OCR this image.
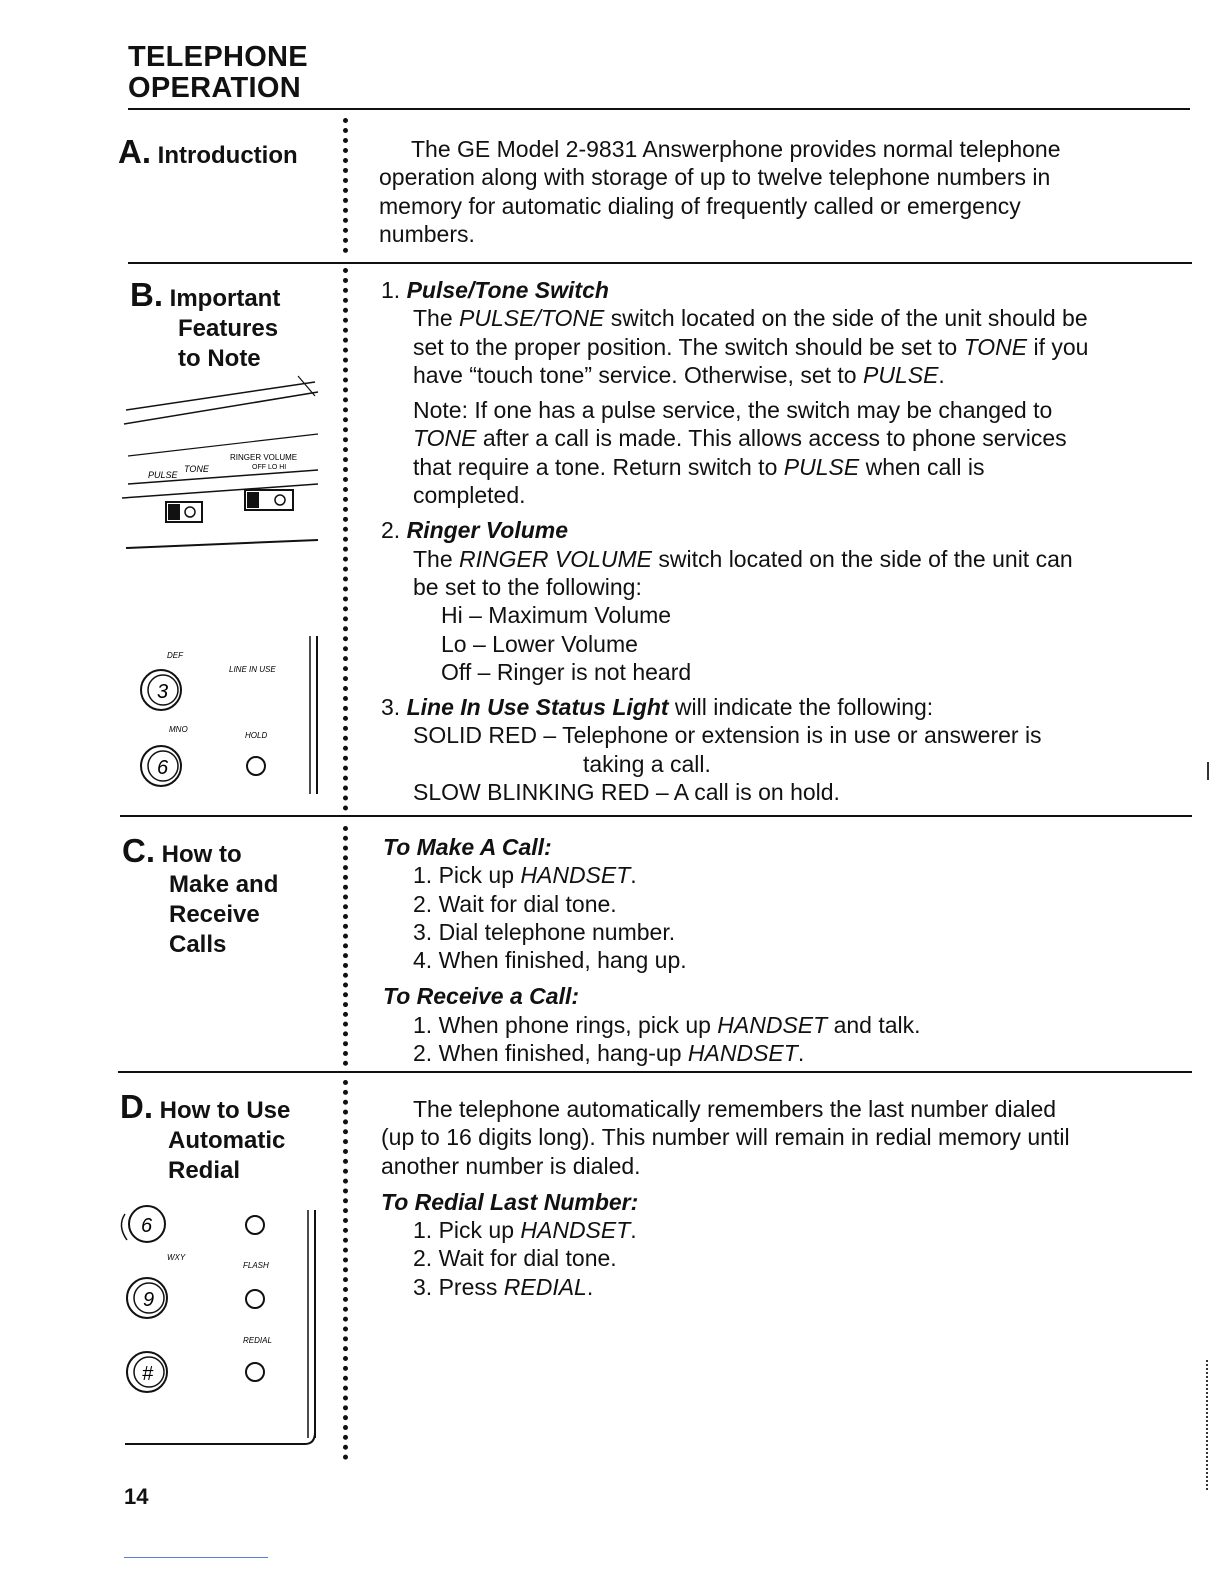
TELEPHONE
OPERATION
A. Introduction	The GE Model 2-9831 Answerphone provides normal telephone
operation along with storage of up to twelve telephone numbers in
memory for automatic dialing of frequently called or emergency
numbers.
B. Important
Features
to Note
PULSE
TONE
RINGER VOLUME
OFF LO HI
DEF
3
LINE IN USE
MNO
HOLD
6
1. Pulse/Tone Switch
The PULSE/TONE switch located on the side of the unit should be
set to the proper position. The switch should be set to TONE if you
have “touch tone” service. Otherwise, set to PULSE.
Note: If one has a pulse service, the switch may be changed to
TONE after a call is made. This allows access to phone services
that require a tone. Return switch to PULSE when call is
completed.
2. Ringer Volume
The RINGER VOLUME switch located on the side of the unit can
be set to the following:
Hi – Maximum Volume
Lo – Lower Volume
Off – Ringer is not heard
3. Line In Use Status Light will indicate the following:
SOLID RED – Telephone or extension is in use or answerer is
taking a call.
SLOW BLINKING RED – A call is on hold.
C. How to
Make and
Receive
Calls
To Make A Call:
1. Pick up HANDSET.
2. Wait for dial tone.
3. Dial telephone number.
4. When finished, hang up.
To Receive a Call:
1. When phone rings, pick up HANDSET and talk.
2. When finished, hang-up HANDSET.
D. How to Use
Automatic
Redial
6
WXY
FLASH
9
REDIAL
#
The telephone automatically remembers the last number dialed
(up to 16 digits long). This number will remain in redial memory until
another number is dialed.
To Redial Last Number:
1. Pick up HANDSET.
2. Wait for dial tone.
3. Press REDIAL.
14
